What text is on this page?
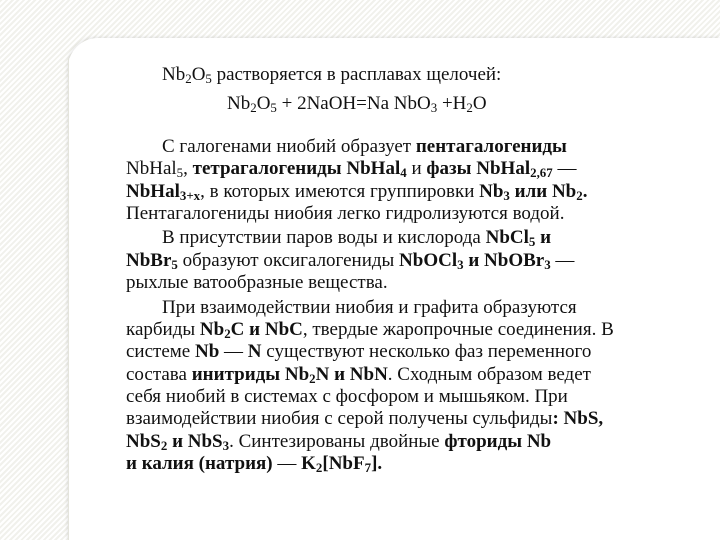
$Nb_2O_5$ растворяется в расплавах щелочей:
$Nb_2O_5$ + 2NaOH=Na $NbO_3 +H_2O$
С галогенами ниобий образует пентагалогениды
NbHal$_5$, тетрагалогениды NbHal$_4$ и фазы NbHal$_{2,67}$ —
NbHal$_{3+x}$, в которых имеются группировки $Nb_3$ или $Nb_2$.
Пентагалогениды ниобия легко гидролизуются водой.
В присутствии паров воды и кислорода NbCl$_5$ и
NbBr$_5$ образуют оксигалогениды NbOCl$_3$ и NbOBr$_3$ —
рыхлые ватообразные вещества.
При взаимодействии ниобия и графита образуются
карбиды $Nb_2C$ и NbC, твердые жаропрочные соединения. В
системе Nb — N существуют несколько фаз переменного
состава инитриды $Nb_2N$ и NbN. Сходным образом ведет
себя ниобий в системах с фосфором и мышьяком. При
взаимодействии ниобия с серой получены сульфиды: NbS,
NbS$_2$ и NbS$_3$. Синтезированы двойные фториды Nb
и калия (натрия) — $K_2[NbF_7]$.
